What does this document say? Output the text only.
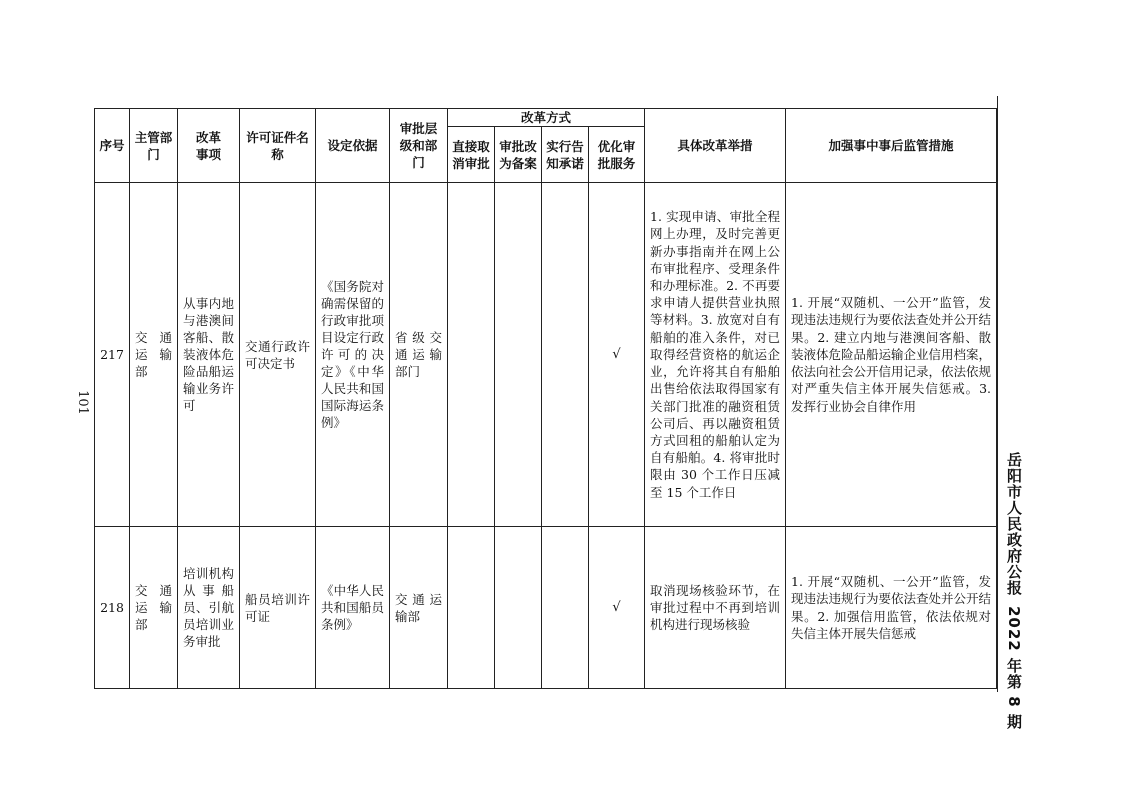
101
序号	主管部门	改革事项	许可证件名称	设定依据	审批层级和部门	改革方式				具体改革举措	加强事中事后监管措施

						直接取消审批	审批改为备案	实行告知承诺	优化审批服务		

217	交通运输部	从事内地与港澳间客船、散装液体危险品船运输业务许可	交通行政许可决定书	《国务院对确需保留的行政审批项目设定行政许可的决定》《中华人民共和国国际海运条例》	省级交通运输部门				√	1. 实现申请、审批全程网上办理，及时完善更新办事指南并在网上公布审批程序、受理条件和办理标准。2. 不再要求申请人提供营业执照等材料。3. 放宽对自有船舶的准入条件，对已取得经营资格的航运企业，允许将其自有船舶出售给依法取得国家有关部门批准的融资租赁公司后、再以融资租赁方式回租的船舶认定为自有船舶。4. 将审批时限由 30 个工作日压减至 15 个工作日	1. 开展“双随机、一公开”监管，发现违法违规行为要依法查处并公开结果。2. 建立内地与港澳间客船、散装液体危险品船运输企业信用档案，依法向社会公开信用记录，依法依规对严重失信主体开展失信惩戒。3. 发挥行业协会自律作用

218	交通运输部	培训机构从事船员、引航员培训业务审批	船员培训许可证	《中华人民共和国船员条例》	交通运输部				√	取消现场核验环节，在审批过程中不再到培训机构进行现场核验	1. 开展“双随机、一公开”监管，发现违法违规行为要依法查处并公开结果。2. 加强信用监管，依法依规对失信主体开展失信惩戒
岳阳市人民政府公报2022 年第 8 期
